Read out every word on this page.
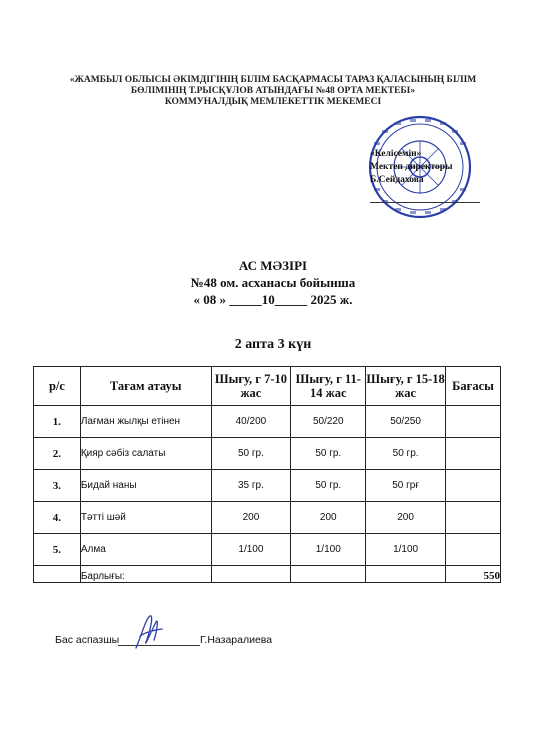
«ЖАМБЫЛ ОБЛЫСЫ ӘКІМДІГІНІҢ БІЛІМ БАСҚАРМАСЫ ТАРАЗ ҚАЛАСЫНЫҢ БІЛІМ
БӨЛІМІНІҢ Т.РЫСҚҰЛОВ АТЫНДАҒЫ №48 ОРТА МЕКТЕБІ»
КОММУНАЛДЫҚ МЕМЛЕКЕТТІК МЕКЕМЕСІ
«Келісемін»
Мектеп директоры
Б.Сейдахова
АС МӘЗІРІ
№48 ом. асханасы бойынша
« 08 » _____10_____ 2025 ж.
2 апта 3 күн
р/с	Тағам атауы	Шығу, г 7-10 жас	Шығу, г 11-14 жас	Шығу, г 15-18 жас	Бағасы
1.	Лағман жылқы етінен	40/200	50/220	50/250	
2.	Қияр сәбіз салаты	50 гр.	50 гр.	50 гр.	
3.	Бидай наны	35 гр.	50 гр.	50 грғ	
4.	Тәтті шәй	200	200	200	
5.	Алма	1/100	1/100	1/100	
	Барлығы:				550
Бас аспазшы	Г.Назаралиева
